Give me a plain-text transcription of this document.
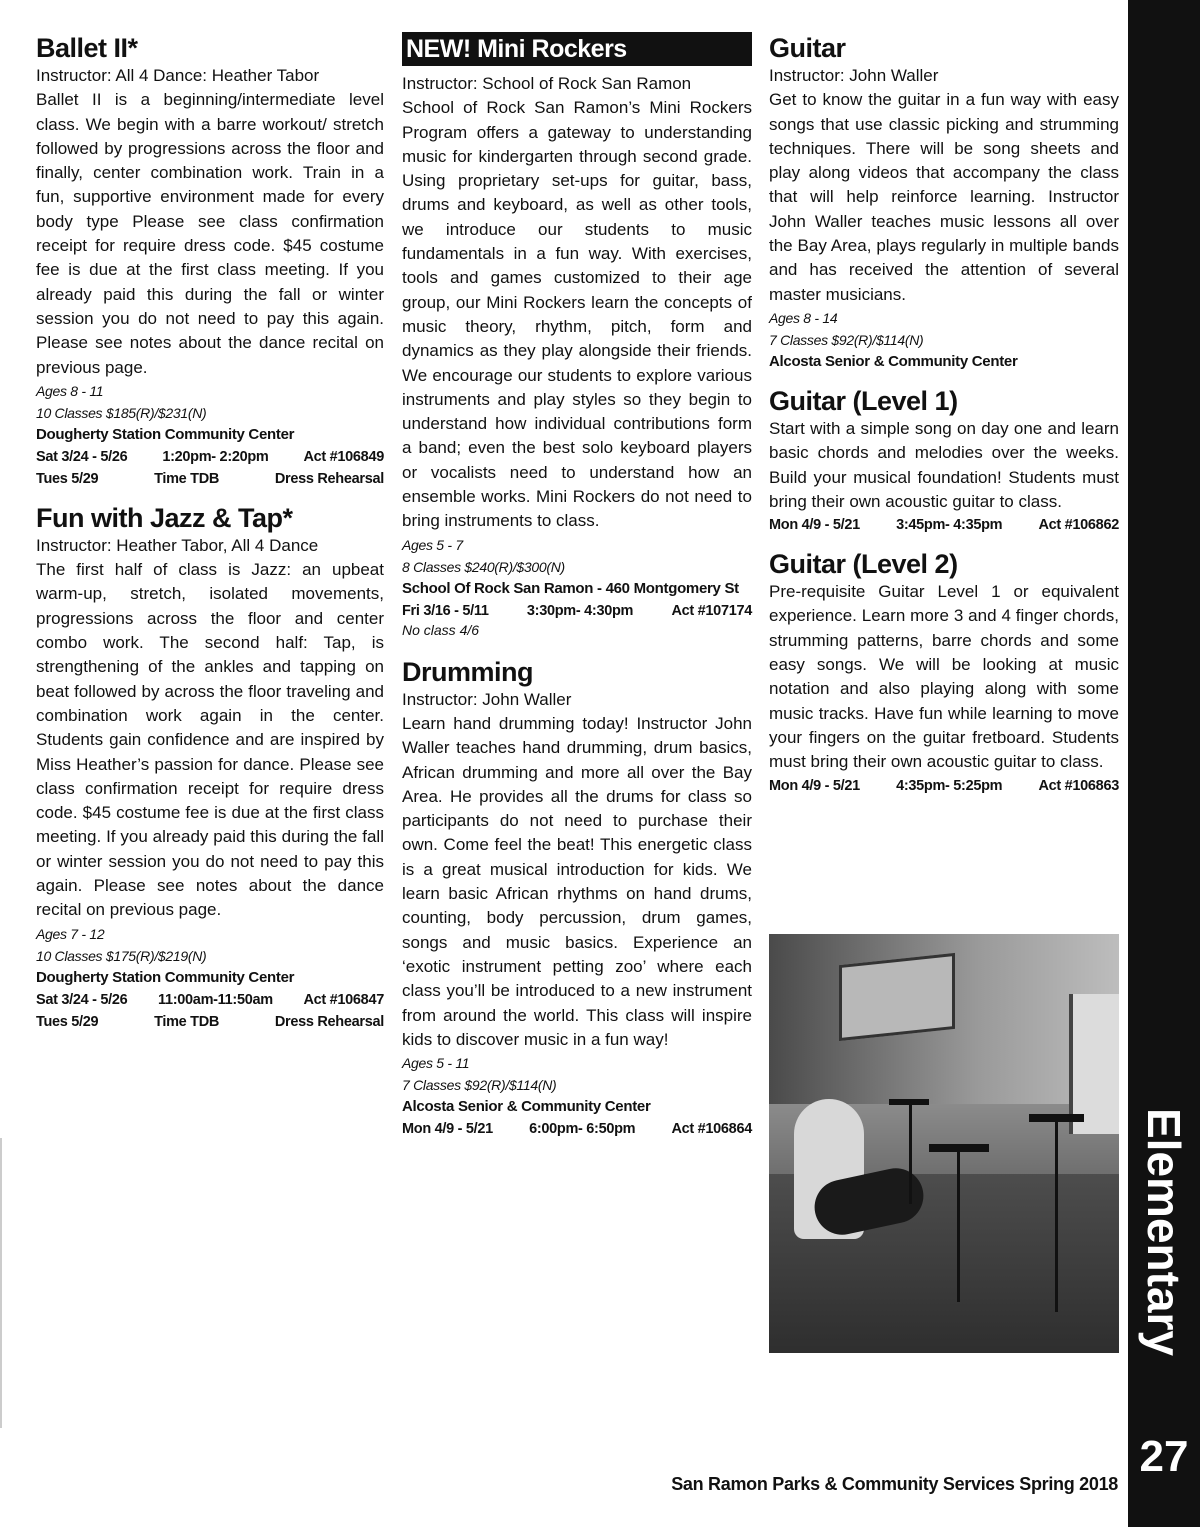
Ballet II*

Instructor: All 4 Dance: Heather Tabor

Ballet II is a beginning/intermediate level class. We begin with a barre workout/ stretch followed by progressions across the floor and finally, center combination work. Train in a fun, supportive environment made for every body type Please see class confirmation receipt for require dress code. $45 costume fee is due at the first class meeting. If you already paid this during the fall or winter session you do not need to pay this again. Please see notes about the dance recital on previous page.

Ages 8 - 11

10 Classes $185(R)/$231(N)

Dougherty Station Community Center

Sat 3/24 - 5/26 1:20pm- 2:20pm Act #106849
Tues 5/29	Time TDB	Dress Rehearsal
Fun with Jazz & Tap*

Instructor: Heather Tabor, All 4 Dance

The first half of class is Jazz: an upbeat warm-up, stretch, isolated movements, progressions across the floor and center combo work. The second half: Tap, is strengthening of the ankles and tapping on beat followed by across the floor traveling and combination work again in the center. Students gain confidence and are inspired by Miss Heather’s passion for dance. Please see class confirmation receipt for require dress code. $45 costume fee is due at the first class meeting. If you already paid this during the fall or winter session you do not need to pay this again. Please see notes about the dance recital on previous page.

Ages 7 - 12

10 Classes $175(R)/$219(N)

Dougherty Station Community Center

Sat 3/24 - 5/26 11:00am-11:50am Act #106847
Tues 5/29	Time TDB	Dress Rehearsal
NEW! Mini Rockers

Instructor: School of Rock San Ramon

School of Rock San Ramon’s Mini Rockers Program offers a gateway to understanding music for kindergarten through second grade. Using proprietary set-ups for guitar, bass, drums and keyboard, as well as other tools, we introduce our students to music fundamentals in a fun way. With exercises, tools and games customized to their age group, our Mini Rockers learn the concepts of music theory, rhythm, pitch, form and dynamics as they play alongside their friends. We encourage our students to explore various instruments and play styles so they begin to understand how individual contributions form a band; even the best solo keyboard players or vocalists need to understand how an ensemble works. Mini Rockers do not need to bring instruments to class.

Ages 5 - 7

8 Classes $240(R)/$300(N)

School Of Rock San Ramon - 460 Montgomery St

Fri 3/16 - 5/11	3:30pm- 4:30pm	Act #107174

No class 4/6

Drumming

Instructor: John Waller

Learn hand drumming today! Instructor John Waller teaches hand drumming, drum basics, African drumming and more all over the Bay Area. He provides all the drums for class so participants do not need to purchase their own. Come feel the beat! This energetic class is a great musical introduction for kids. We learn basic African rhythms on hand drums, counting, body percussion, drum games, songs and music basics. Experience an ‘exotic instrument petting zoo’ where each class you’ll be introduced to a new instrument from around the world. This class will inspire kids to discover music in a fun way!

Ages 5 - 11

7 Classes $92(R)/$114(N)

Alcosta Senior & Community Center

Mon 4/9 - 5/21 6:00pm- 6:50pm Act #106864
Guitar

Instructor: John Waller

Get to know the guitar in a fun way with easy songs that use classic picking and strumming techniques. There will be song sheets and play along videos that accompany the class that will help reinforce learning. Instructor John Waller teaches music lessons all over the Bay Area, plays regularly in multiple bands and has received the attention of several master musicians.

Ages 8 - 14

7 Classes $92(R)/$114(N)

Alcosta Senior & Community Center

Guitar (Level 1)

Start with a simple song on day one and learn basic chords and melodies over the weeks. Build your musical foundation! Students must bring their own acoustic guitar to class.

Mon 4/9 - 5/21 3:45pm- 4:35pm Act #106862
Guitar (Level 2)

Pre-requisite Guitar Level 1 or equivalent experience. Learn more 3 and 4 finger chords, strumming patterns, barre chords and some easy songs. We will be looking at music notation and also playing along with some music tracks. Have fun while learning to move your fingers on the guitar fretboard. Students must bring their own acoustic guitar to class.

Mon 4/9 - 5/21 4:35pm- 5:25pm Act #106863
Elementary
27
San Ramon Parks & Community Services Spring 2018
